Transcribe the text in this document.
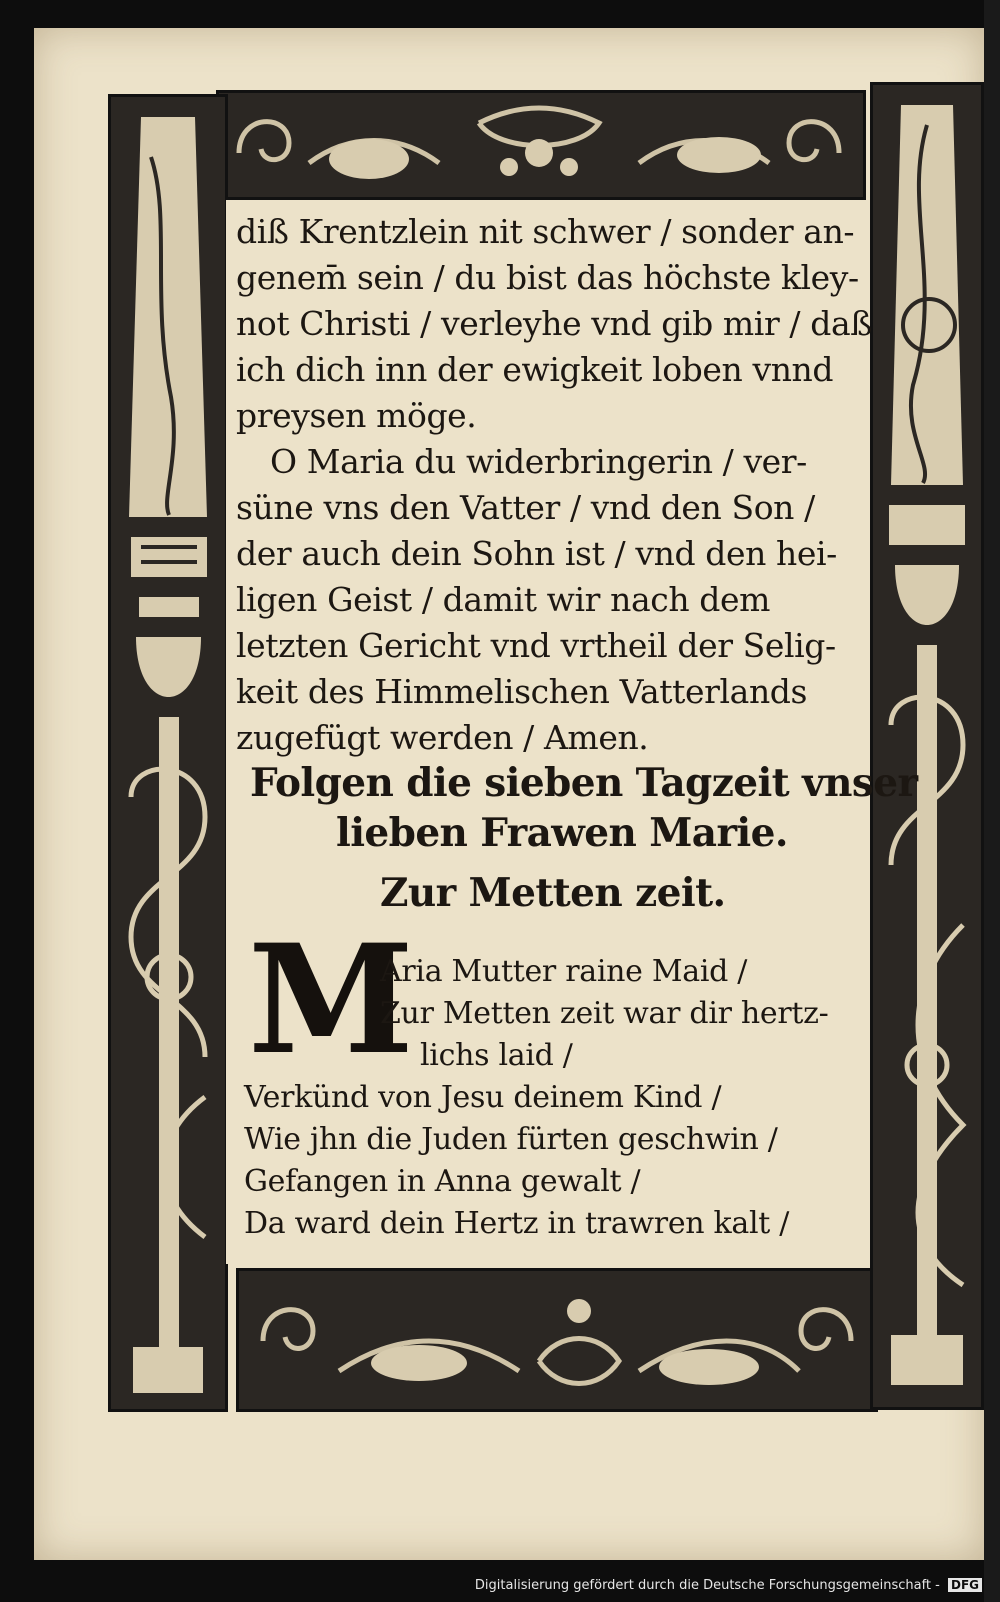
diß Krentzlein nit schwer / sonder an-
genem̄ sein / du bist das höchste kley-
not Christi / verleyhe vnd gib mir / daß
ich dich inn der ewigkeit loben vnnd
preysen möge.
O Maria du widerbringerin / ver-
süne vns den Vatter / vnd den Son /
der auch dein Sohn ist / vnd den hei-
ligen Geist / damit wir nach dem
letzten Gericht vnd vrtheil der Selig-
keit des Himmelischen Vatterlands
zugefügt werden / Amen.
Folgen die sieben Tagzeit vnser
lieben Frawen Marie.
Zur Metten zeit.
M
Aria Mutter raine Maid /
Zur Metten zeit war dir hertz-
lichs laid /
Verkünd von Jesu deinem Kind /
Wie jhn die Juden fürten geschwin /
Gefangen in Anna gewalt /
Da ward dein Hertz in trawren kalt /
Digitalisierung gefördert durch die Deutsche Forschungsgemeinschaft - DFG
